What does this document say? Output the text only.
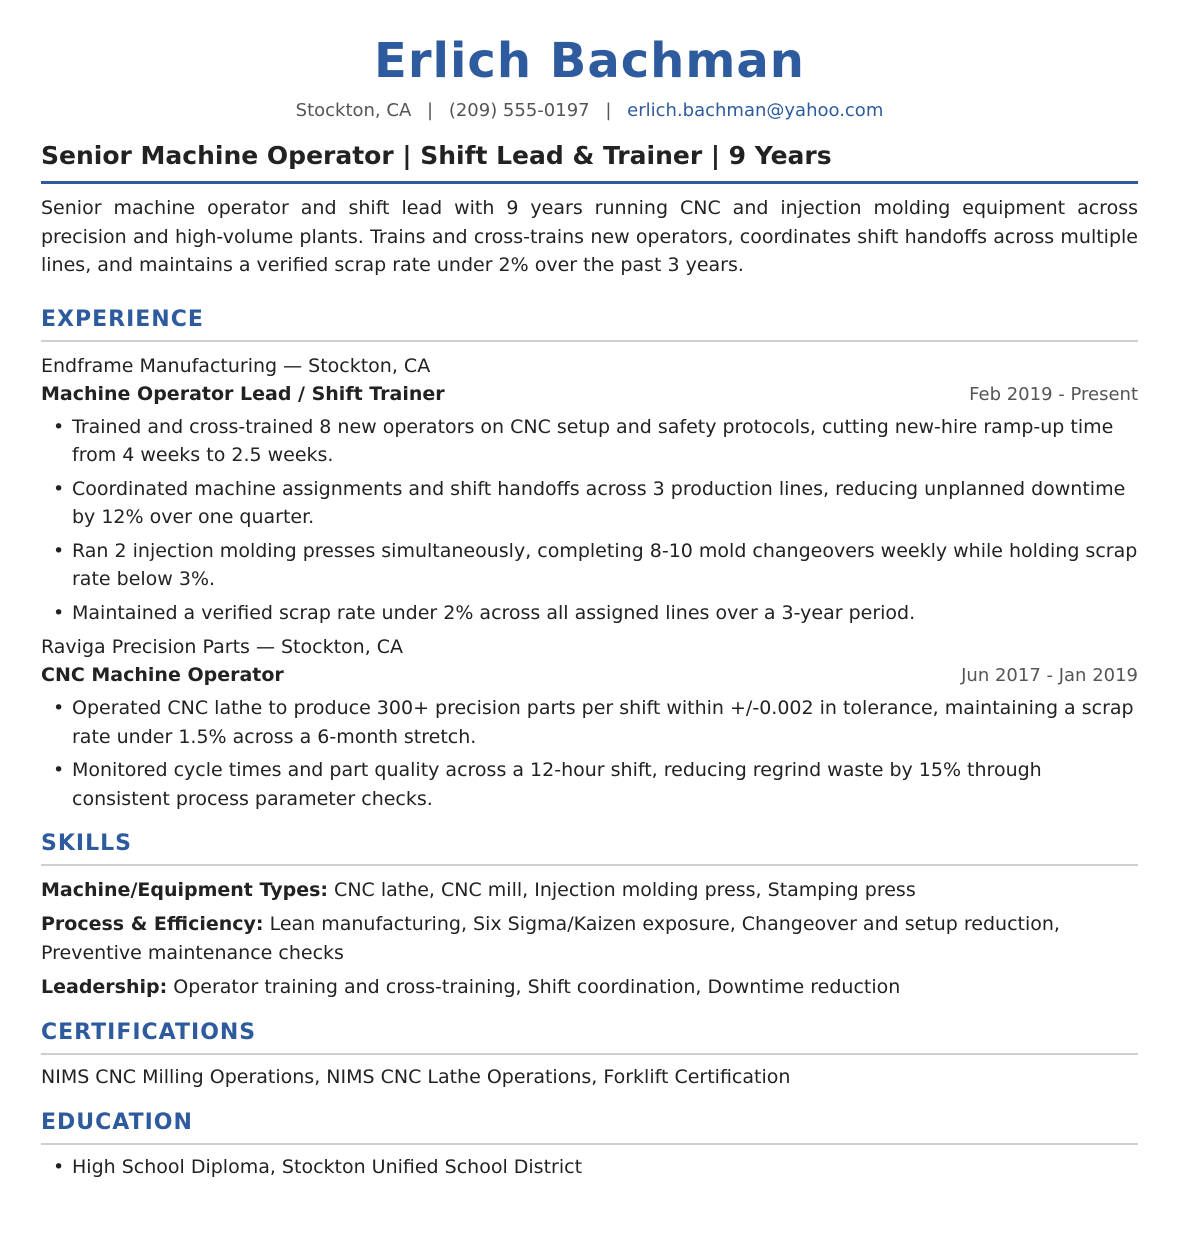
Erlich Bachman
Stockton, CA | (209) 555-0197 | erlich.bachman@yahoo.com
Senior Machine Operator | Shift Lead & Trainer | 9 Years
Senior machine operator and shift lead with 9 years running CNC and injection molding equipment across precision and high-volume plants. Trains and cross-trains new operators, coordinates shift handoffs across multiple lines, and maintains a verified scrap rate under 2% over the past 3 years.
EXPERIENCE
Endframe Manufacturing — Stockton, CA
Machine Operator Lead / Shift Trainer	Feb 2019 - Present
• Trained and cross-trained 8 new operators on CNC setup and safety protocols, cutting new-hire ramp-up time from 4 weeks to 2.5 weeks.
• Coordinated machine assignments and shift handoffs across 3 production lines, reducing unplanned downtime by 12% over one quarter.
• Ran 2 injection molding presses simultaneously, completing 8-10 mold changeovers weekly while holding scrap rate below 3%.
• Maintained a verified scrap rate under 2% across all assigned lines over a 3-year period.
Raviga Precision Parts — Stockton, CA
CNC Machine Operator	Jun 2017 - Jan 2019
• Operated CNC lathe to produce 300+ precision parts per shift within +/-0.002 in tolerance, maintaining a scrap rate under 1.5% across a 6-month stretch.
• Monitored cycle times and part quality across a 12-hour shift, reducing regrind waste by 15% through consistent process parameter checks.
SKILLS
Machine/Equipment Types: CNC lathe, CNC mill, Injection molding press, Stamping press
Process & Efficiency: Lean manufacturing, Six Sigma/Kaizen exposure, Changeover and setup reduction, Preventive maintenance checks
Leadership: Operator training and cross-training, Shift coordination, Downtime reduction
CERTIFICATIONS
NIMS CNC Milling Operations, NIMS CNC Lathe Operations, Forklift Certification
EDUCATION
• High School Diploma, Stockton Unified School District
